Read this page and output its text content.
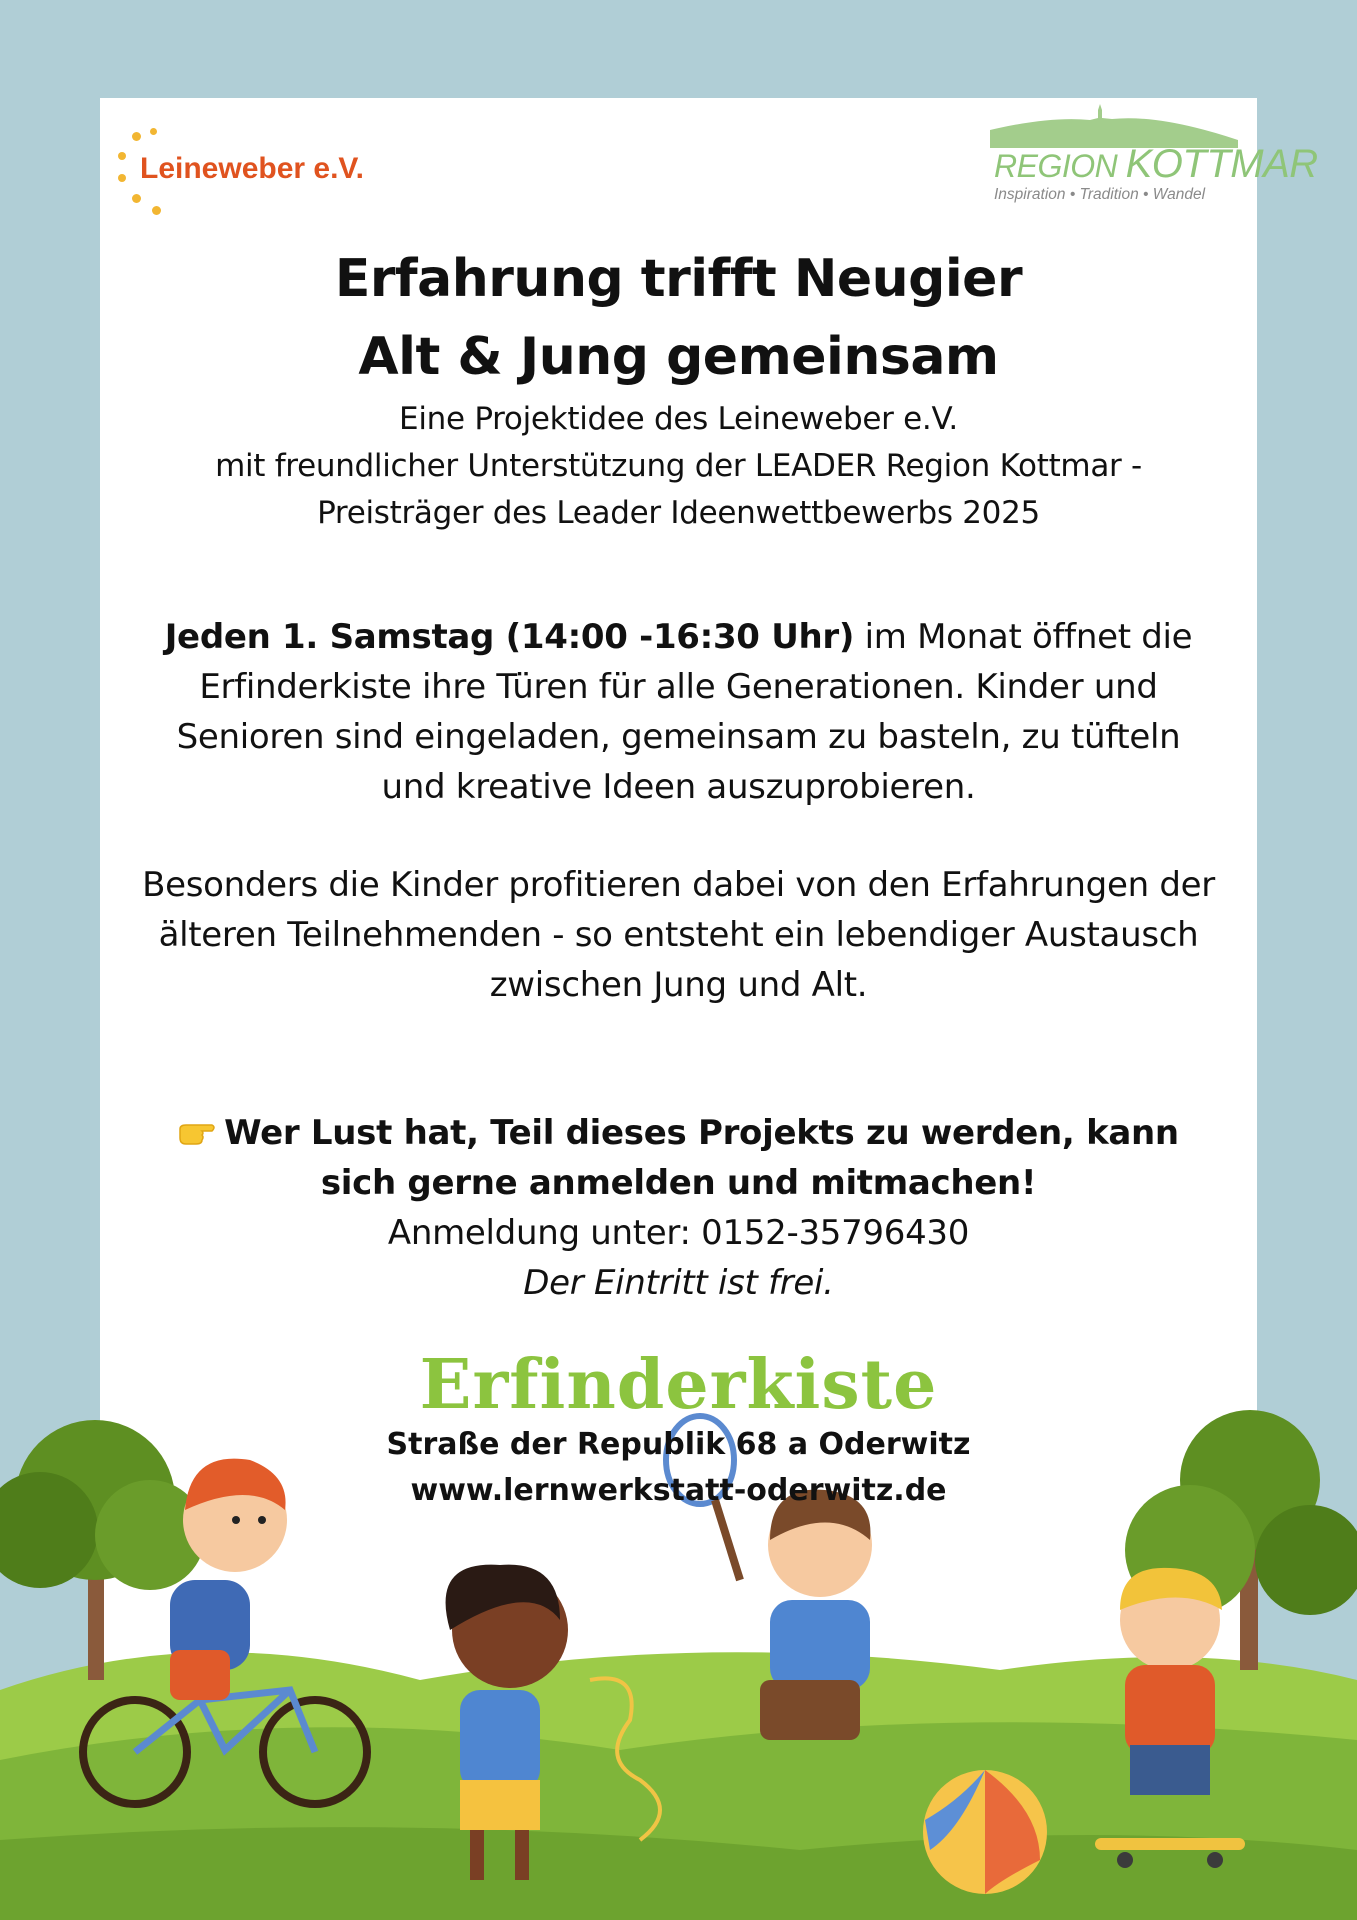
Leineweber e.V.	REGION KOTTMAR
Inspiration • Tradition • Wandel
Erfahrung trifft Neugier
Alt & Jung gemeinsam
Eine Projektidee des Leineweber e.V.
mit freundlicher Unterstützung der LEADER Region Kottmar -
Preisträger des Leader Ideenwettbewerbs 2025
Jeden 1. Samstag (14:00 -16:30 Uhr) im Monat öffnet die Erfinderkiste ihre Türen für alle Generationen. Kinder und Senioren sind eingeladen, gemeinsam zu basteln, zu tüfteln und kreative Ideen auszuprobieren.
Besonders die Kinder profitieren dabei von den Erfahrungen der älteren Teilnehmenden - so entsteht ein lebendiger Austausch zwischen Jung und Alt.
Wer Lust hat, Teil dieses Projekts zu werden, kann sich gerne anmelden und mitmachen!
Anmeldung unter: 0152-35796430
Der Eintritt ist frei.
Erfinderkiste
Straße der Republik 68 a Oderwitz
www.lernwerkstatt-oderwitz.de
